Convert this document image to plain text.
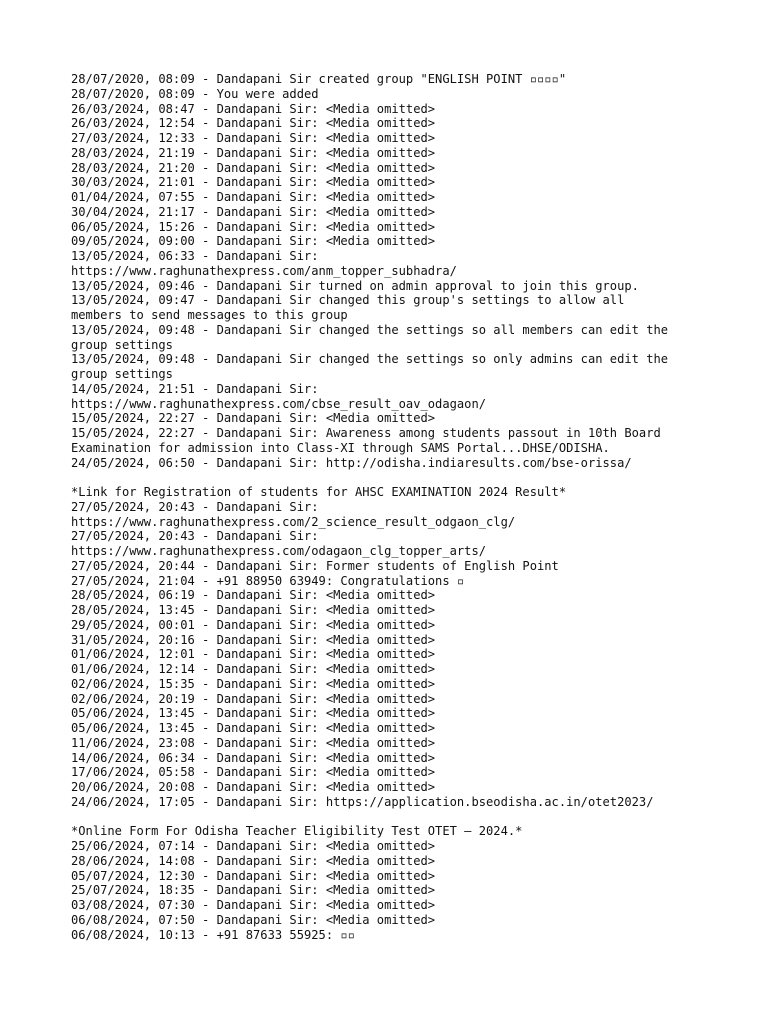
28/07/2020, 08:09 - Dandapani Sir created group "ENGLISH POINT ▫▫▫▫"
28/07/2020, 08:09 - You were added
26/03/2024, 08:47 - Dandapani Sir: <Media omitted>
26/03/2024, 12:54 - Dandapani Sir: <Media omitted>
27/03/2024, 12:33 - Dandapani Sir: <Media omitted>
28/03/2024, 21:19 - Dandapani Sir: <Media omitted>
28/03/2024, 21:20 - Dandapani Sir: <Media omitted>
30/03/2024, 21:01 - Dandapani Sir: <Media omitted>
01/04/2024, 07:55 - Dandapani Sir: <Media omitted>
30/04/2024, 21:17 - Dandapani Sir: <Media omitted>
06/05/2024, 15:26 - Dandapani Sir: <Media omitted>
09/05/2024, 09:00 - Dandapani Sir: <Media omitted>
13/05/2024, 06:33 - Dandapani Sir:
https://www.raghunathexpress.com/anm_topper_subhadra/
13/05/2024, 09:46 - Dandapani Sir turned on admin approval to join this group.
13/05/2024, 09:47 - Dandapani Sir changed this group's settings to allow all
members to send messages to this group
13/05/2024, 09:48 - Dandapani Sir changed the settings so all members can edit the
group settings
13/05/2024, 09:48 - Dandapani Sir changed the settings so only admins can edit the
group settings
14/05/2024, 21:51 - Dandapani Sir:
https://www.raghunathexpress.com/cbse_result_oav_odagaon/
15/05/2024, 22:27 - Dandapani Sir: <Media omitted>
15/05/2024, 22:27 - Dandapani Sir: Awareness among students passout in 10th Board
Examination for admission into Class-XI through SAMS Portal...DHSE/ODISHA.
24/05/2024, 06:50 - Dandapani Sir: http://odisha.indiaresults.com/bse-orissa/
*Link for Registration of students for AHSC EXAMINATION 2024 Result*
27/05/2024, 20:43 - Dandapani Sir:
https://www.raghunathexpress.com/2_science_result_odgaon_clg/
27/05/2024, 20:43 - Dandapani Sir:
https://www.raghunathexpress.com/odagaon_clg_topper_arts/
27/05/2024, 20:44 - Dandapani Sir: Former students of English Point
27/05/2024, 21:04 - +91 88950 63949: Congratulations ▫
28/05/2024, 06:19 - Dandapani Sir: <Media omitted>
28/05/2024, 13:45 - Dandapani Sir: <Media omitted>
29/05/2024, 00:01 - Dandapani Sir: <Media omitted>
31/05/2024, 20:16 - Dandapani Sir: <Media omitted>
01/06/2024, 12:01 - Dandapani Sir: <Media omitted>
01/06/2024, 12:14 - Dandapani Sir: <Media omitted>
02/06/2024, 15:35 - Dandapani Sir: <Media omitted>
02/06/2024, 20:19 - Dandapani Sir: <Media omitted>
05/06/2024, 13:45 - Dandapani Sir: <Media omitted>
05/06/2024, 13:45 - Dandapani Sir: <Media omitted>
11/06/2024, 23:08 - Dandapani Sir: <Media omitted>
14/06/2024, 06:34 - Dandapani Sir: <Media omitted>
17/06/2024, 05:58 - Dandapani Sir: <Media omitted>
20/06/2024, 20:08 - Dandapani Sir: <Media omitted>
24/06/2024, 17:05 - Dandapani Sir: https://application.bseodisha.ac.in/otet2023/
*Online Form For Odisha Teacher Eligibility Test OTET – 2024.*
25/06/2024, 07:14 - Dandapani Sir: <Media omitted>
28/06/2024, 14:08 - Dandapani Sir: <Media omitted>
05/07/2024, 12:30 - Dandapani Sir: <Media omitted>
25/07/2024, 18:35 - Dandapani Sir: <Media omitted>
03/08/2024, 07:30 - Dandapani Sir: <Media omitted>
06/08/2024, 07:50 - Dandapani Sir: <Media omitted>
06/08/2024, 10:13 - +91 87633 55925: ▫▫
